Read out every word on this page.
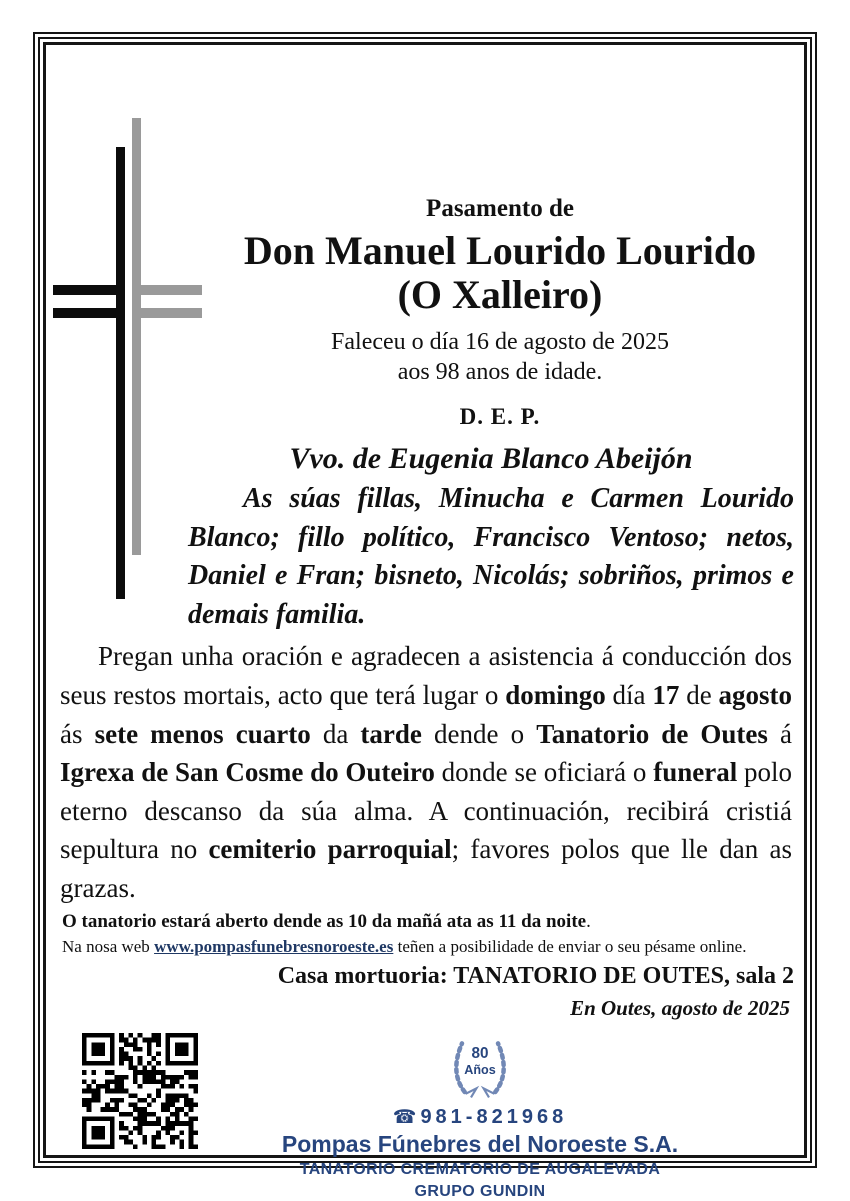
Pasamento de
Don Manuel Lourido Lourido
(O Xalleiro)
Faleceu o día 16 de agosto de 2025
aos 98 anos de idade.
D. E. P.
Vvo. de Eugenia Blanco Abeijón
As súas fillas, Minucha e Carmen Lourido Blanco; fillo político, Francisco Ventoso; netos, Daniel e Fran; bisneto, Nicolás; sobriños, primos e demais familia.

Pregan unha oración e agradecen a asistencia á conducción dos seus restos mortais, acto que terá lugar o domingo día 17 de agosto ás sete menos cuarto da tarde dende o Tanatorio de Outes á Igrexa de San Cosme do Outeiro donde se oficiará o funeral polo eterno descanso da súa alma. A continuación, recibirá cristiá sepultura no cemiterio parroquial; favores polos que lle dan as grazas.

O tanatorio estará aberto dende as 10 da mañá ata as 11 da noite.
Na nosa web www.pompasfunebresnoroeste.es teñen a posibilidade de enviar o seu pésame online.
Casa mortuoria: TANATORIO DE OUTES, sala 2
En Outes, agosto de 2025
80
Años
☎ 981-821968
Pompas Fúnebres del Noroeste S.A.
TANATORIO CREMATORIO DE AUGALEVADA
GRUPO GUNDIN
